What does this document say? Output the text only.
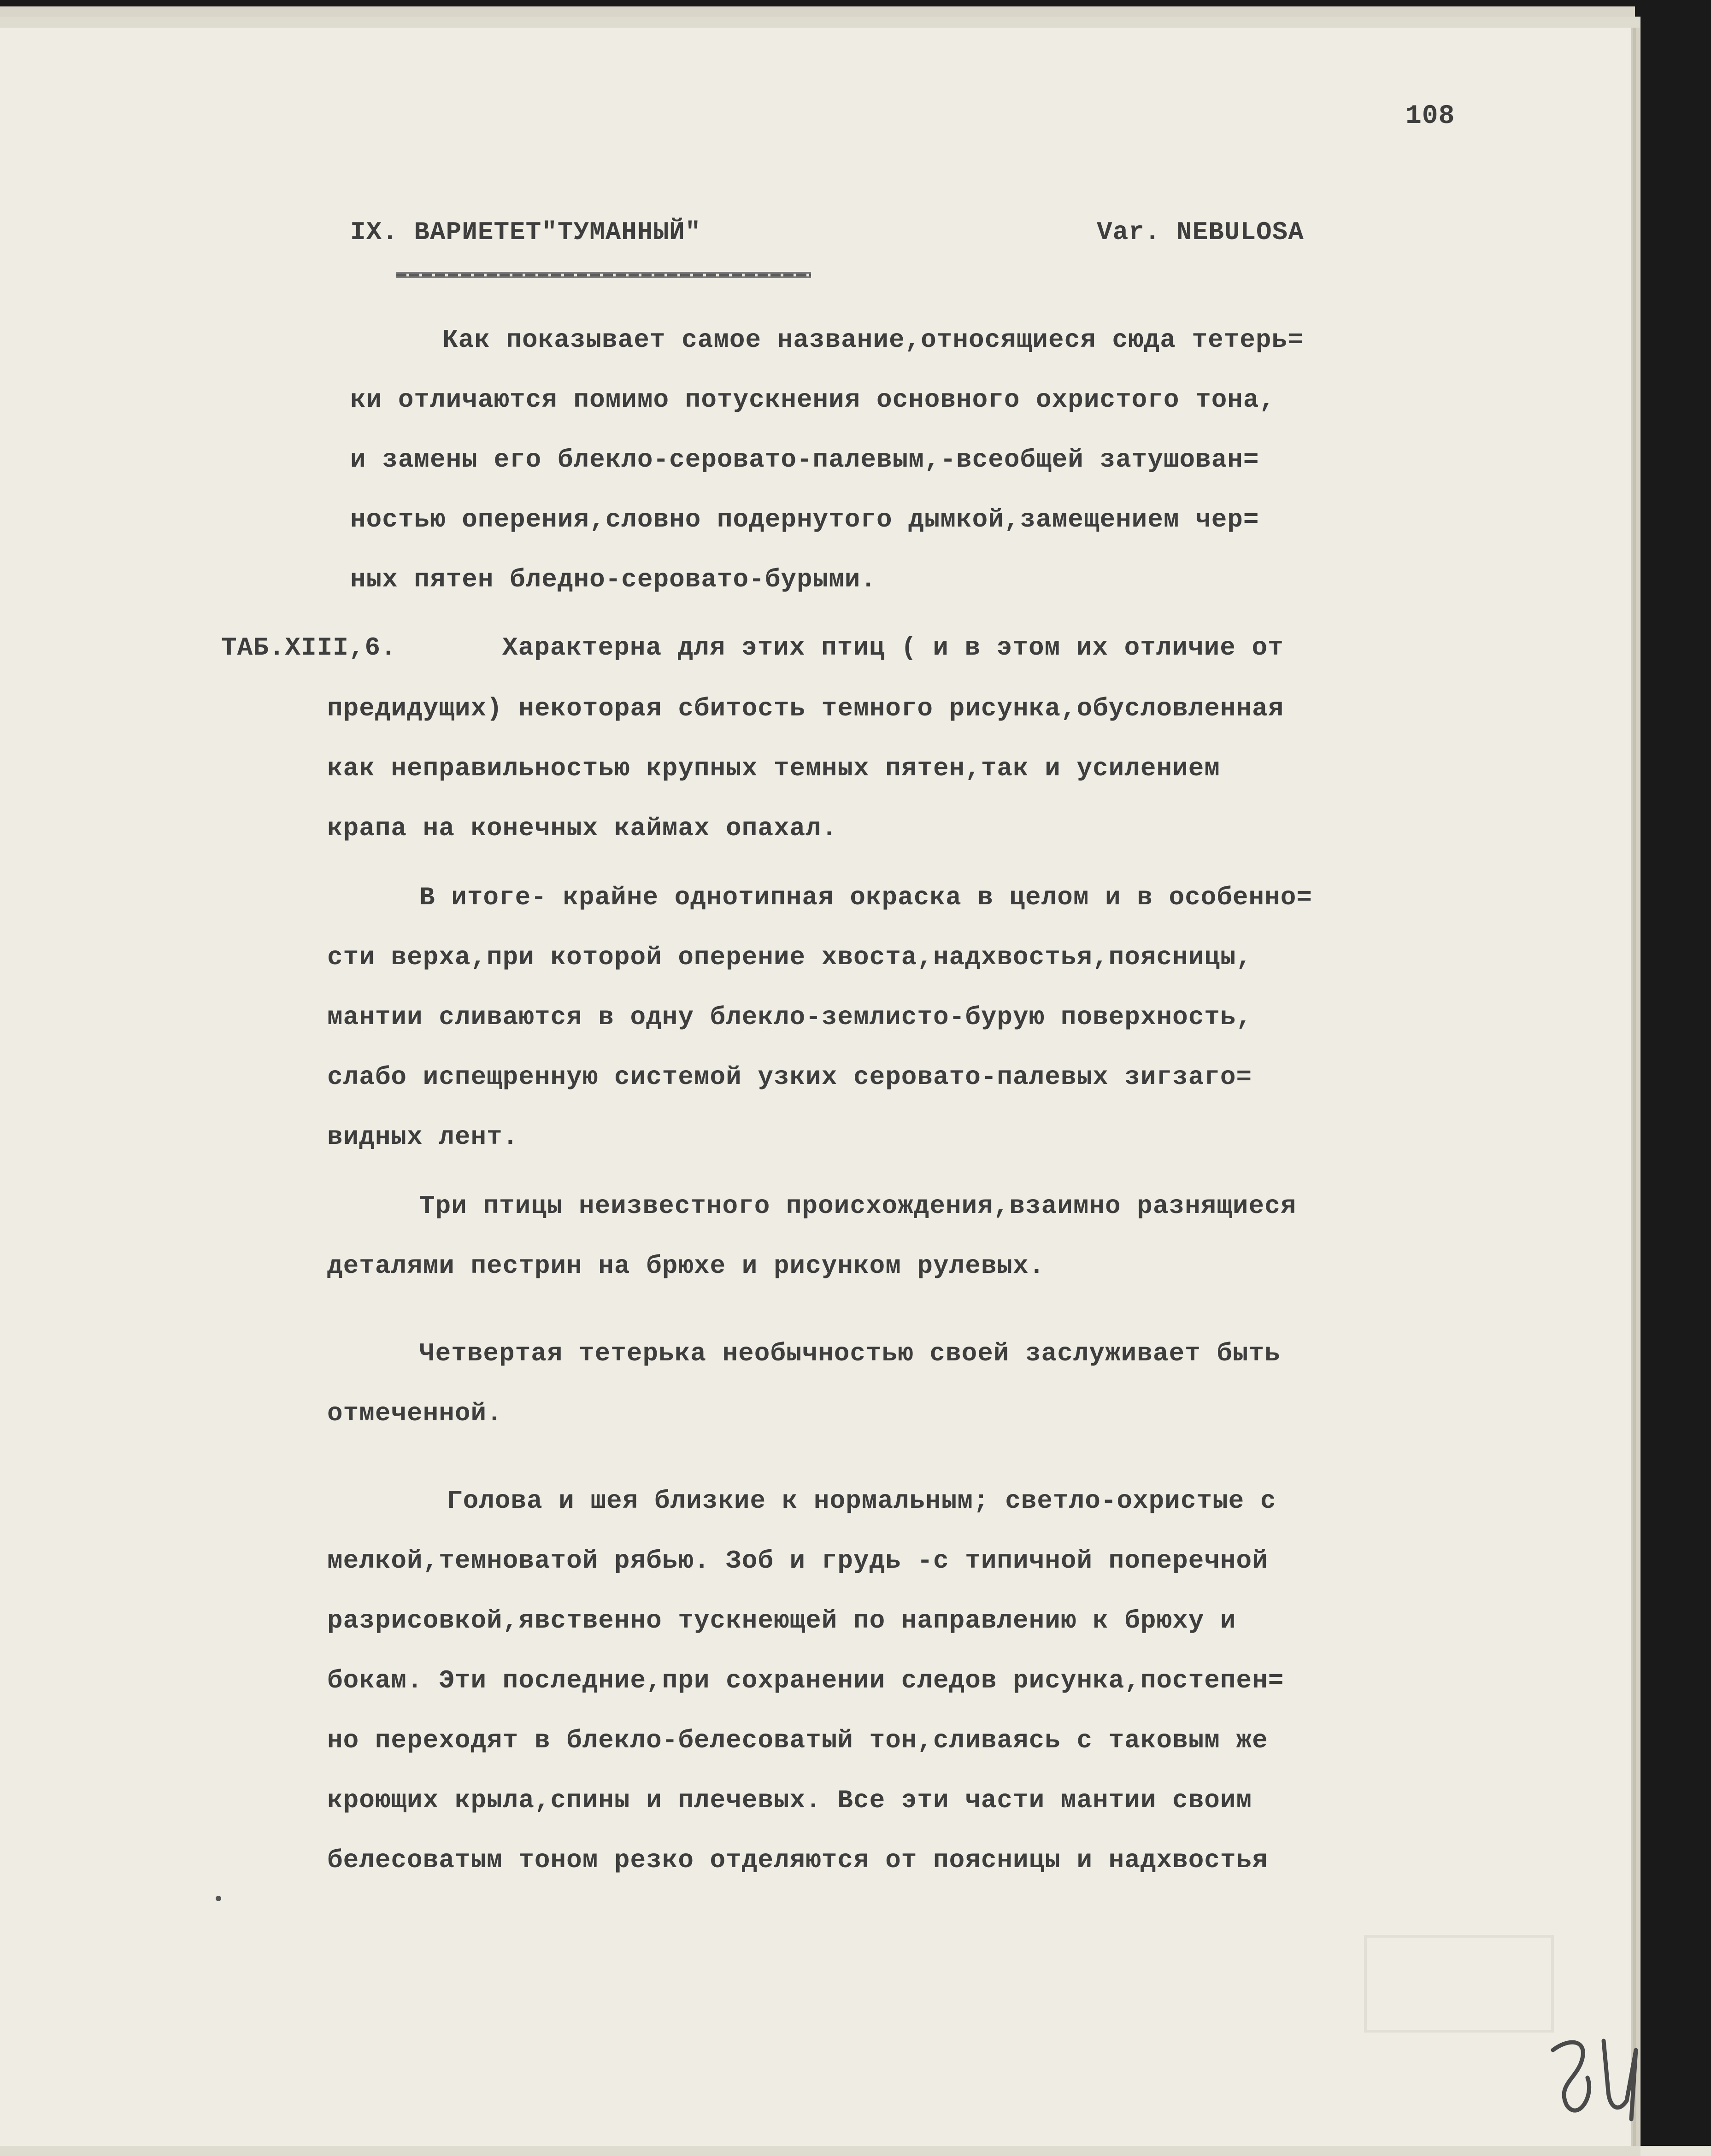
108
IX. ВАРИЕТЕТ"ТУМАННЫЙ"	Var. NEBULOSA
Как показывает самое название,относящиеся сюда тетерь=
ки отличаются помимо потускнения основного охристого тона,
и замены его блекло-серовато-палевым,-всеобщей затушован=
ностью оперения,словно подернутого дымкой,замещением чер=
ных пятен бледно-серовато-бурыми.
ТАБ.XIII,6.	Характерна для этих птиц ( и в этом их отличие от
предидущих) некоторая сбитость темного рисунка,обусловленная
как неправильностью крупных темных пятен,так и усилением
крапа на конечных каймах опахал.
В итоге- крайне однотипная окраска в целом и в особенно=
сти верха,при которой оперение хвоста,надхвостья,поясницы,
мантии сливаются в одну блекло-землисто-бурую поверхность,
слабо испещренную системой узких серовато-палевых зигзаго=
видных лент.
Три птицы неизвестного происхождения,взаимно разнящиеся
деталями пестрин на брюхе и рисунком рулевых.
Четвертая тетерька необычностью своей заслуживает быть
отмеченной.
Голова и шея близкие к нормальным; светло-охристые с
мелкой,темноватой рябью. Зоб и грудь -с типичной поперечной
разрисовкой,явственно тускнеющей по направлению к брюху и
бокам. Эти последние,при сохранении следов рисунка,постепен=
но переходят в блекло-белесоватый тон,сливаясь с таковым же
кроющих крыла,спины и плечевых. Все эти части мантии своим
белесоватым тоном резко отделяются от поясницы и надхвостья
